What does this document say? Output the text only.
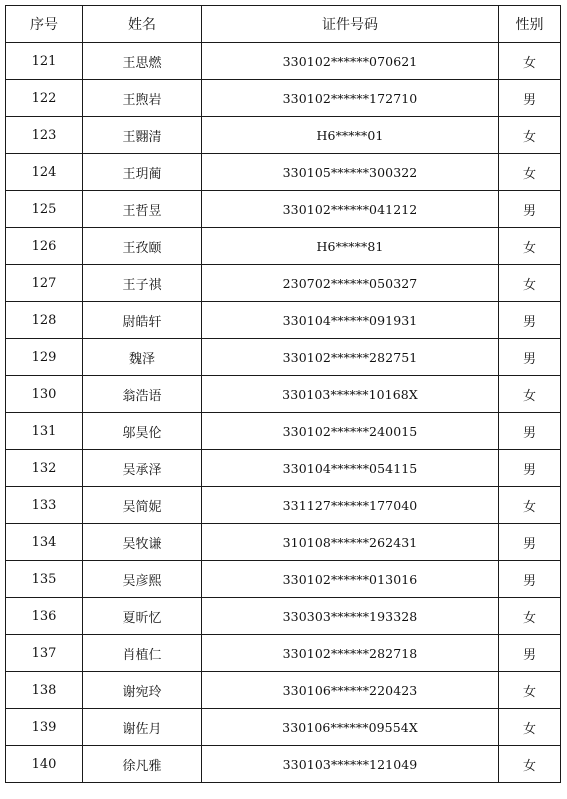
序号	姓名	证件号码	性别
121	王思燃	330102******070621	女
122	王煦岩	330102******172710	男
123	王翾清	H6*****01	女
124	王玥蔺	330105******300322	女
125	王哲昱	330102******041212	男
126	王孜颐	H6*****81	女
127	王子祺	230702******050327	女
128	尉皓轩	330104******091931	男
129	魏泽	330102******282751	男
130	翁浩语	330103******10168X	女
131	邬昊伦	330102******240015	男
132	吴承泽	330104******054115	男
133	吴简妮	331127******177040	女
134	吴牧谦	310108******262431	男
135	吴彦熙	330102******013016	男
136	夏昕忆	330303******193328	女
137	肖植仁	330102******282718	男
138	谢宛玲	330106******220423	女
139	谢佐月	330106******09554X	女
140	徐凡雅	330103******121049	女
